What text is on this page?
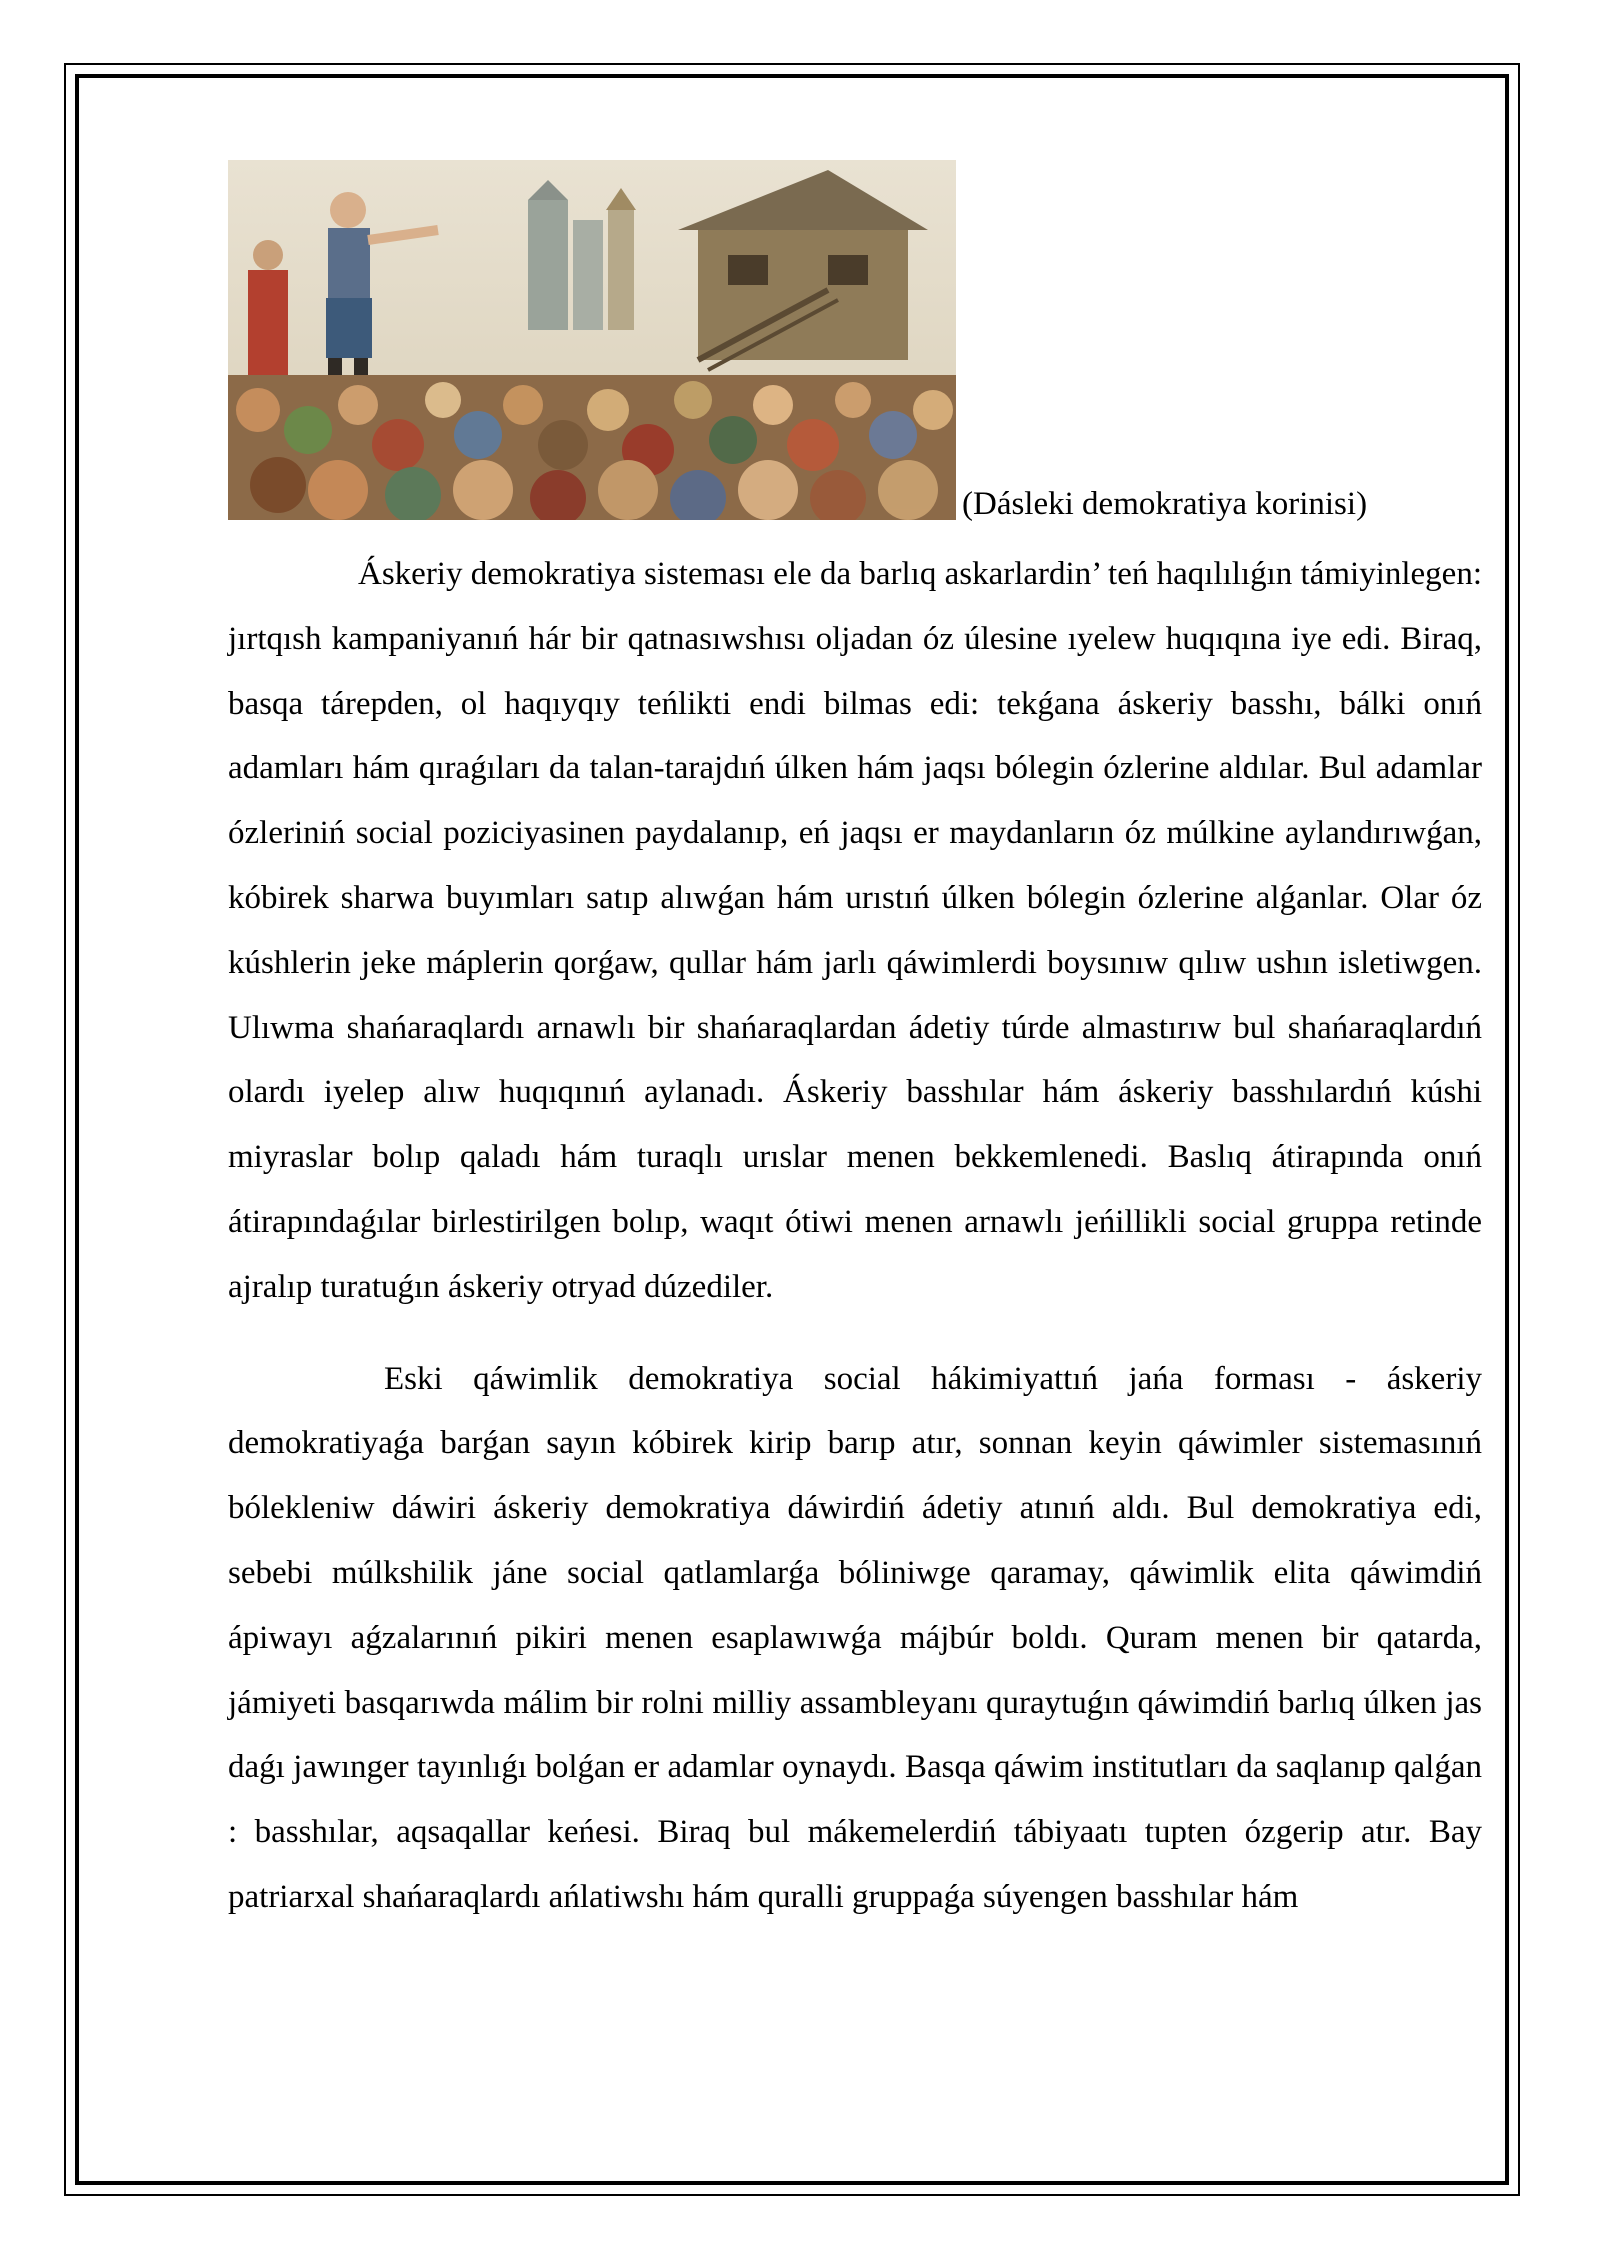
(Dásleki demokratiya korinisi)

Áskeriy demokratiya sisteması ele da barlıq askarlardin’ teń haqılılıǵın támiyinlegen: jırtqısh kampaniyanıń hár bir qatnasıwshısı oljadan óz úlesine ıyelew huqıqına iye edi. Biraq, basqa tárepden, ol haqıyqıy teńlikti endi bilmas edi: tekǵana áskeriy basshı, bálki onıń adamları hám qıraǵıları da talan-tarajdıń úlken hám jaqsı bólegin ózlerine aldılar. Bul adamlar ózleriniń social poziciyasinen paydalanıp, eń jaqsı er maydanların óz múlkine aylandırıwǵan, kóbirek sharwa buyımları satıp alıwǵan hám urıstıń úlken bólegin ózlerine alǵanlar. Olar óz kúshlerin jeke máplerin qorǵaw, qullar hám jarlı qáwimlerdi boysınıw qılıw ushın isletiwgen. Ulıwma shańaraqlardı arnawlı bir shańaraqlardan ádetiy túrde almastırıw bul shańaraqlardıń olardı iyelep alıw huqıqınıń aylanadı. Áskeriy basshılar hám áskeriy basshılardıń kúshi miyraslar bolıp qaladı hám turaqlı urıslar menen bekkemlenedi. Baslıq átirapında onıń átirapındaǵılar birlestirilgen bolıp, waqıt ótiwi menen arnawlı jeńillikli social gruppa retinde ajralıp turatuǵın áskeriy otryad dúzediler.

Eski qáwimlik demokratiya social hákimiyattıń jańa forması - áskeriy demokratiyaǵa barǵan sayın kóbirek kirip barıp atır, sonnan keyin qáwimler sistemasınıń bólekleniw dáwiri áskeriy demokratiya dáwirdiń ádetiy atınıń aldı. Bul demokratiya edi, sebebi múlkshilik jáne social qatlamlarǵa bóliniwge qaramay, qáwimlik elita qáwimdiń ápiwayı aǵzalarınıń pikiri menen esaplawıwǵa májbúr boldı. Quram menen bir qatarda, jámiyeti basqarıwda málim bir rolni milliy assambleyanı quraytuǵın qáwimdiń barlıq úlken jas daǵı jawınger tayınlıǵı bolǵan er adamlar oynaydı. Basqa qáwim institutları da saqlanıp qalǵan : basshılar, aqsaqallar keńesi. Biraq bul mákemelerdiń tábiyaatı tupten ózgerip atır. Bay patriarxal shańaraqlardı ańlatiwshı hám quralli gruppaǵa súyengen basshılar hám
